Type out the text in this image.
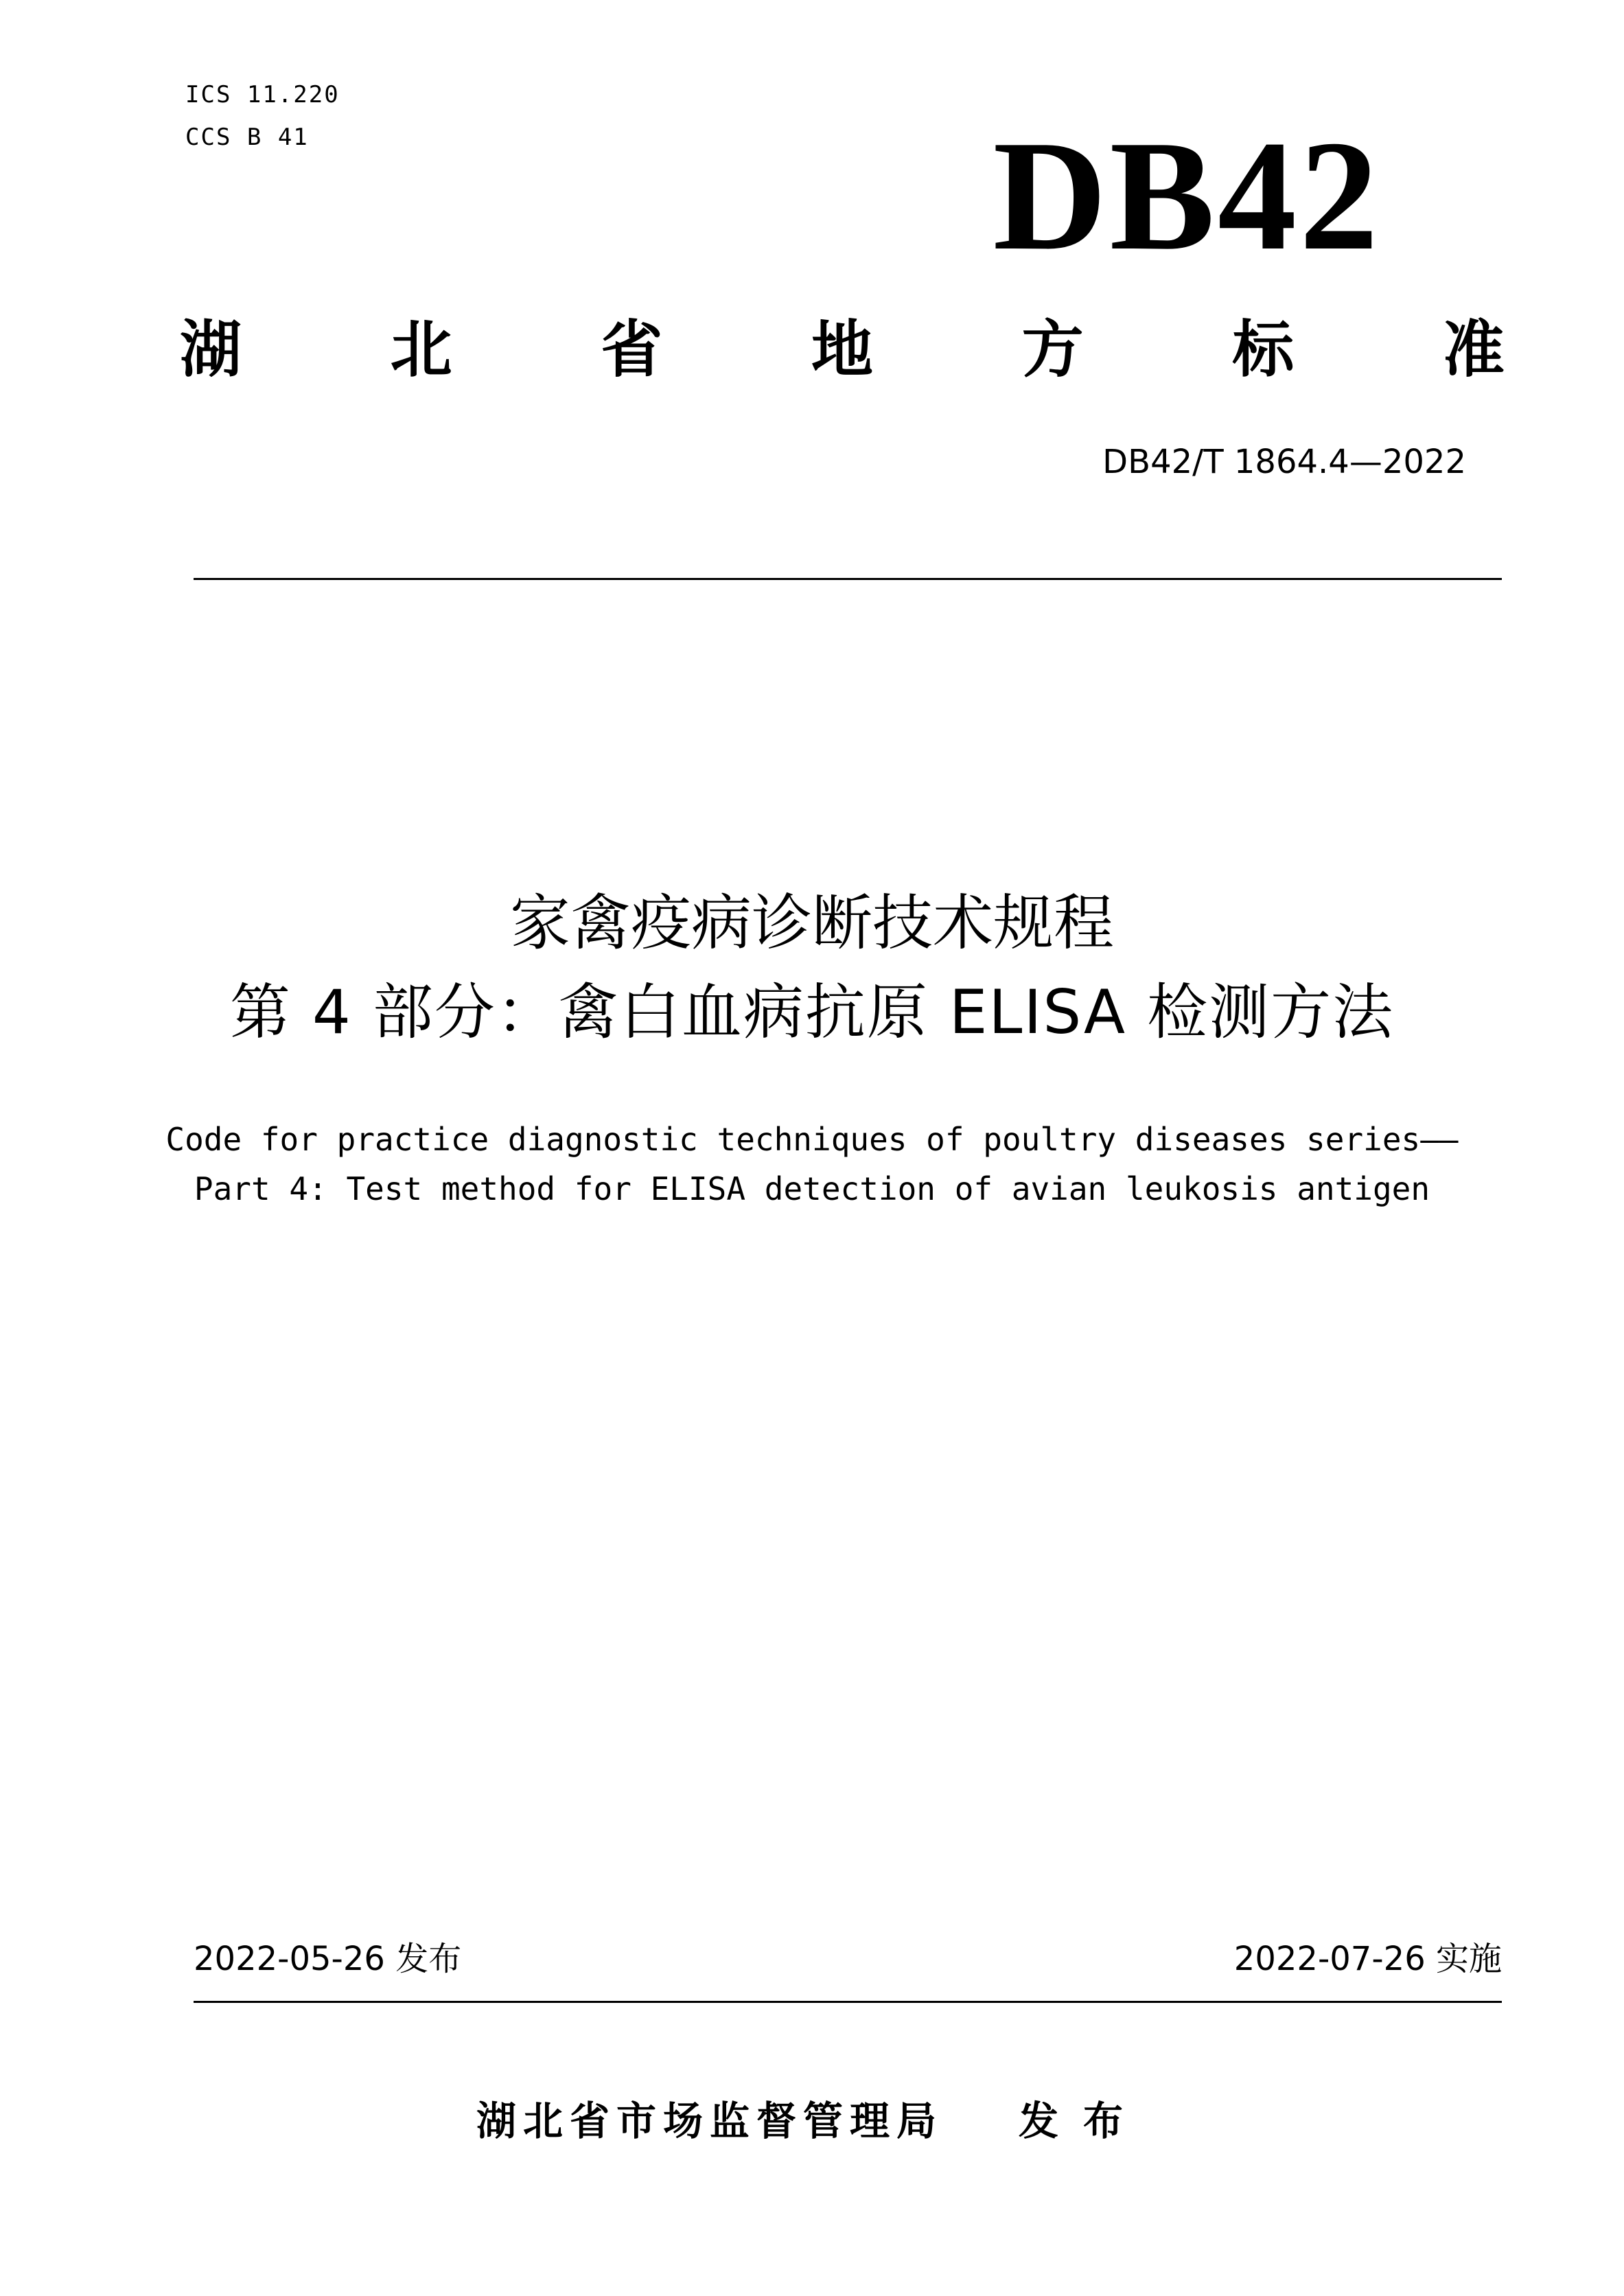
ICS 11.220
CCS B 41	DB42
湖 北 省 地 方 标 准
DB42/T 1864.4—2022
家禽疫病诊断技术规程
第 4 部分：禽白血病抗原 ELISA 检测方法
Code for practice diagnostic techniques of poultry diseases series——
Part 4: Test method for ELISA detection of avian leukosis antigen
2022-05-26 发布	2022-07-26 实施
湖北省市场监督管理局 发布
